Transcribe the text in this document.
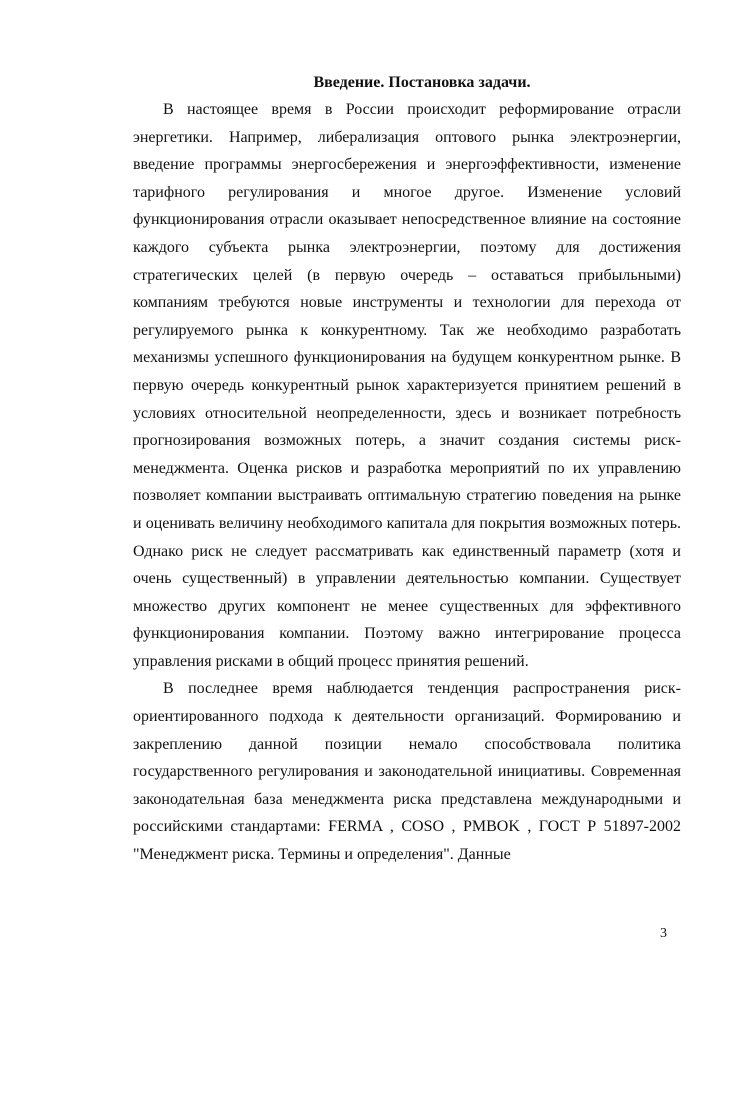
Введение. Постановка задачи.

В настоящее время в России происходит реформирование отрасли энергетики. Например, либерализация оптового рынка электроэнергии, введение программы энергосбережения и энергоэффективности, изменение тарифного регулирования и многое другое. Изменение условий функционирования отрасли оказывает непосредственное влияние на состояние каждого субъекта рынка электроэнергии, поэтому для достижения стратегических целей (в первую очередь – оставаться прибыльными) компаниям требуются новые инструменты и технологии для перехода от регулируемого рынка к конкурентному. Так же необходимо разработать механизмы успешного функционирования на будущем конкурентном рынке. В первую очередь конкурентный рынок характеризуется принятием решений в условиях относительной неопределенности, здесь и возникает потребность прогнозирования возможных потерь, а значит создания системы риск-менеджмента. Оценка рисков и разработка мероприятий по их управлению позволяет компании выстраивать оптимальную стратегию поведения на рынке и оценивать величину необходимого капитала для покрытия возможных потерь. Однако риск не следует рассматривать как единственный параметр (хотя и очень существенный) в управлении деятельностью компании. Существует множество других компонент не менее существенных для эффективного функционирования компании. Поэтому важно интегрирование процесса управления рисками в общий процесс принятия решений.

В последнее время наблюдается тенденция распространения риск-ориентированного подхода к деятельности организаций. Формированию и закреплению данной позиции немало способствовала политика государственного регулирования и законодательной инициативы. Современная законодательная база менеджмента риска представлена международными и российскими стандартами: FERMA , COSO , PMBOK , ГОСТ Р 51897-2002 "Менеджмент риска. Термины и определения". Данные

3
